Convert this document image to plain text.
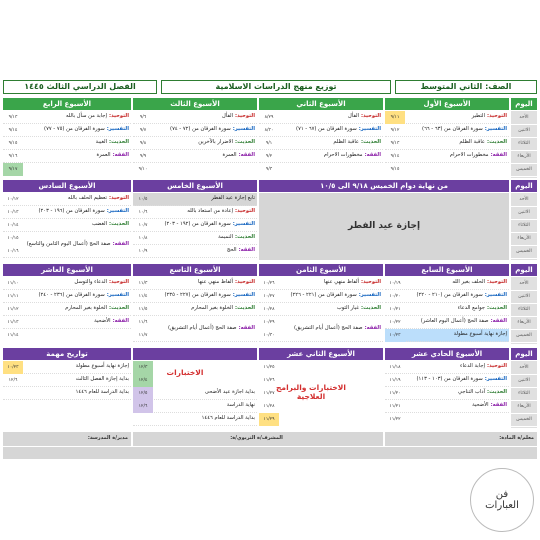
الصف: الثاني المتوسط
توزيع منهج الدراسات الاسلامية
الفصل الدراسي الثالث ١٤٤٥
اليوم
الأحد
الاثنين
الثلاثاء
الأربعاء
الخميس
الأسبوع الأول
التوحيد:
التطير
التفسير:
سورة الفرقان من (٦٣ - ٦٦)
الحديث:
عاقبة الظلم
الفقه:
مخطورات الاحرام
٩/١١
٩/١٢
٩/١٣
٩/١٤
٩/١٥
الأسبوع الثاني
التوحيد:
الفأل
التفسير:
سورة الفرقان من (٦٧ - ٧١)
الحديث:
عاقبة الظلم
الفقه:
مخطورات الاحرام
٨/٢٩
٨/٣٠
٩/١
٩/٢
٩/٣
الأسبوع الثالث
التوحيد:
الفأل
التفسير:
سورة الفرقان من (٧٢ - ٧٤)
الحديث:
الاضرار بالآخرين
الفقه:
العمرة
٩/٦
٩/٧
٩/٨
٩/٩
٩/١٠
الأسبوع الرابع
التوحيد:
إجابة من سأل بالله
التفسير:
سورة الفرقان من (٧٥ - ٧٧)
الحديث:
الغيبة
الفقه:
العمرة
٩/١٣
٩/١٤
٩/١٥
٩/١٦
٩/١٧
اليوم
الأحد
الاثنين
الثلاثاء
الأربعاء
الخميس
من نهاية دوام الخميس ٩/١٨ الى ١٠/٥
إجازة عيد الفطر
الأسبوع الخامس
تابع إجازة عيد الفطر
التوحيد:
إعادة من استعاذ بالله
التفسير:
سورة الفرقان من (١٩٢ - ٢٠٣)
الحديث:
النميمة
الفقه:
الحج
١٠/٥
١٠/٦
١٠/٧
١٠/٨
١٠/٩
الأسبوع السادس
التوحيد:
تعظيم الحلف بالله
التفسير:
سورة الفرقان من (١٩٦ - ٢٠٣)
الحديث:
الغضب
الفقه:
صفة الحج (أعمال اليوم الثامن والتاسع)
١٠/١٢
١٠/١٣
١٠/١٤
١٠/١٥
١٠/١٦
اليوم
الأحد
الاثنين
الثلاثاء
الأربعاء
الخميس
الأسبوع السابع
التوحيد:
الحلف بغير الله
التفسير:
سورة الفرقان من (٢١٠ - ٢٢٠)
الحديث:
جوامع الدعاء
الفقه:
صفة الحج (أعمال اليوم العاشر)
إجازة نهاية أسبوع مطولة
١٠/١٩
١٠/٢٠
١٠/٢١
١٠/٢٢
١٠/٢٣
الأسبوع الثامن
التوحيد:
ألفاظ منهي عنها
التفسير:
سورة الفرقان من (٢٢١ - ٢٢٦)
الحديث:
غيار الثوب
الفقه:
صفة الحج (أعمال أيام التشريق)
١٠/٢٦
١٠/٢٧
١٠/٢٨
١٠/٢٩
١٠/٣٠
الأسبوع التاسع
التوحيد:
ألفاظ منهي عنها
التفسير:
سورة الفرقان من (٢٢٧ - ٢٣٥)
الحديث:
الخلوة بغير المحارم
الفقه:
صفة الحج (أعمال أيام التشريق)
١١/٣
١١/٤
١١/٥
١١/٦
١١/٧
الأسبوع العاشر
التوحيد:
الدعاء والتوسل
التفسير:
سورة الفرقان من (٢٣٦ - ٢٤٠)
الحديث:
الخلوة بغير المحارم
الفقه:
الأضحية
١١/١٠
١١/١١
١١/١٢
١١/١٣
١١/١٤
اليوم
الأحد
الاثنين
الثلاثاء
الأربعاء
الخميس
الأسبوع الحادي عشر
التوحيد:
إجابة الدعاء
التفسير:
سورة الفرقان من (١٠٣ - ١١٣)
الحديث:
آداب التناجي
الفقه:
الأضحية
١١/١٨
١١/١٩
١١/٢٠
١١/٢١
١١/٢٢
الأسبوع الثاني عشر
الاختبارات والبرامج العلاجية
١١/٢٥
١١/٢٦
١١/٢٧
١١/٢٨
١١/٢٩
الاختبارات
بداية اجازة عيد الأضحى
نهاية الدراسة
بداية الدراسة للعام ١٤٤٦
١٢/٣
١٢/٤
١٢/٥
١٢/٦
تواريخ مهمة
إجازة نهاية أسبوع مطولة
بداية إجازة الفصل الثالث
بداية الدراسة للعام ١٤٤٦
١٠/٢٣
١٢/٦
معلم/ة المادة:
المشرف/ة التربوي/ة:
مدير/ة المدرسة:
فن
العبارات
